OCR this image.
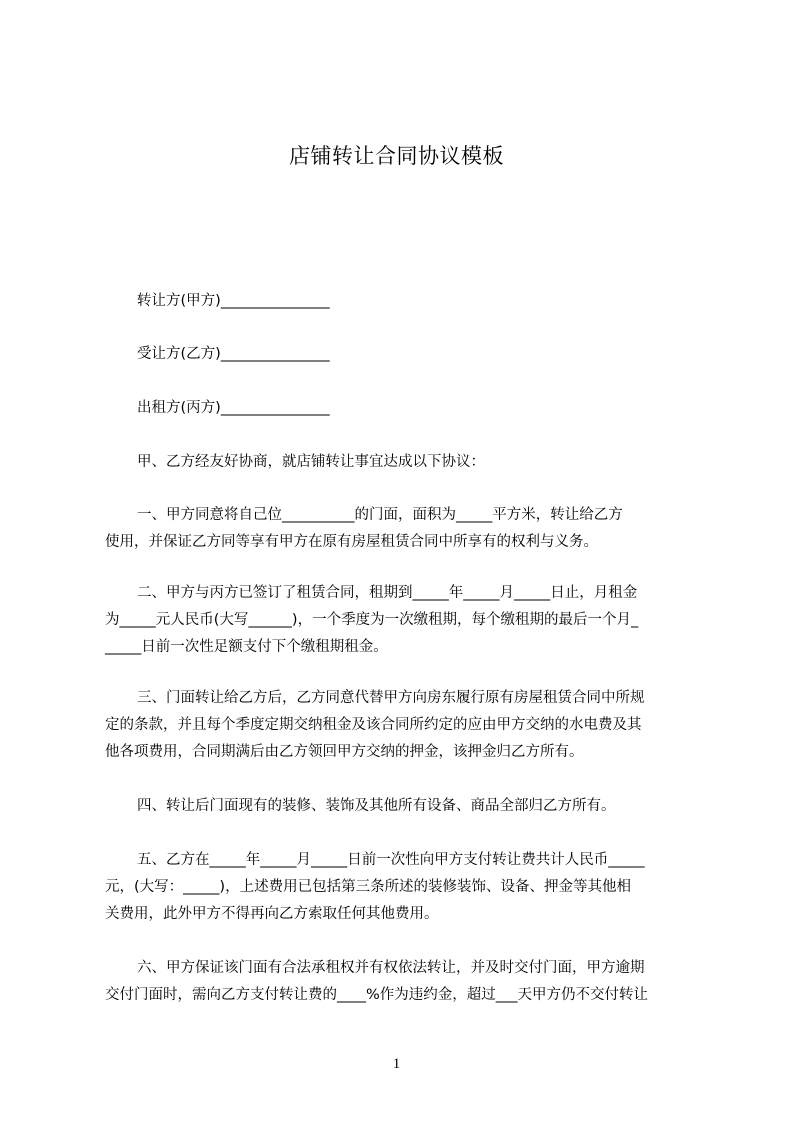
店铺转让合同协议模板
转让方(甲方)_______________
受让方(乙方)_______________
出租方(丙方)_______________
甲、乙方经友好协商，就店铺转让事宜达成以下协议：
一、甲方同意将自己位__________的门面，面积为_____平方米，转让给乙方
使用，并保证乙方同等享有甲方在原有房屋租赁合同中所享有的权利与义务。
二、甲方与丙方已签订了租赁合同，租期到_____年_____月_____日止，月租金
为_____元人民币(大写______)，一个季度为一次缴租期，每个缴租期的最后一个月_
_____日前一次性足额支付下个缴租期租金。
三、门面转让给乙方后，乙方同意代替甲方向房东履行原有房屋租赁合同中所规
定的条款，并且每个季度定期交纳租金及该合同所约定的应由甲方交纳的水电费及其
他各项费用，合同期满后由乙方领回甲方交纳的押金，该押金归乙方所有。
四、转让后门面现有的装修、装饰及其他所有设备、商品全部归乙方所有。
五、乙方在_____年_____月_____日前一次性向甲方支付转让费共计人民币_____
元，(大写：_____)，上述费用已包括第三条所述的装修装饰、设备、押金等其他相
关费用，此外甲方不得再向乙方索取任何其他费用。
六、甲方保证该门面有合法承租权并有权依法转让，并及时交付门面，甲方逾期
交付门面时，需向乙方支付转让费的____%作为违约金，超过___天甲方仍不交付转让
1
